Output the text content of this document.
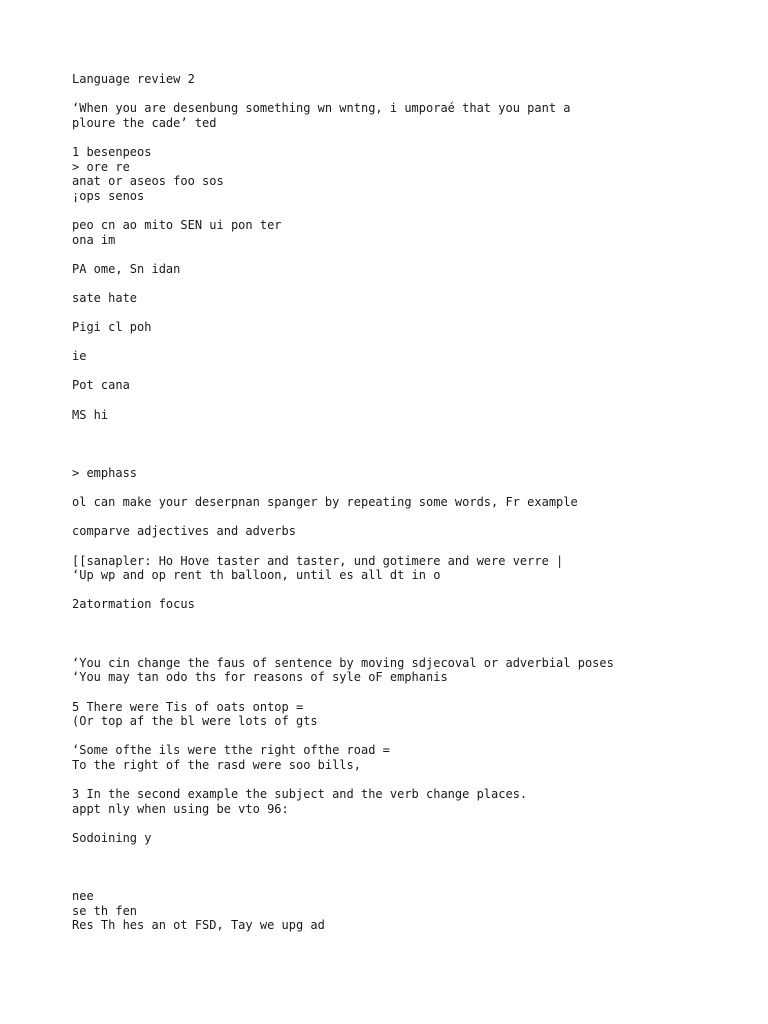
Language review 2
‘When you are desenbung something wn wntng, i umporaé that you pant a
ploure the cade’ ted
1 besenpeos
> ore re
anat or aseos foo sos
¡ops senos
peo cn ao mito SEN ui pon ter
ona im
PA ome, Sn idan
sate hate
Pigi cl poh
ie
Pot cana
MS hi
> emphass
ol can make your deserpnan spanger by repeating some words, Fr example
comparve adjectives and adverbs
[[sanapler: Ho Hove taster and taster, und gotimere and were verre |
‘Up wp and op rent th balloon, until es all dt in o
2atormation focus
‘You cin change the faus of sentence by moving sdjecoval or adverbial poses
‘You may tan odo ths for reasons of syle oF emphanis
5 There were Tis of oats ontop =
(Or top af the bl were lots of gts
‘Some ofthe ils were tthe right ofthe road =
To the right of the rasd were soo bills,
3 In the second example the subject and the verb change places.
appt nly when using be vto 96:
Sodoining y
nee
se th fen
Res Th hes an ot FSD, Tay we upg ad
